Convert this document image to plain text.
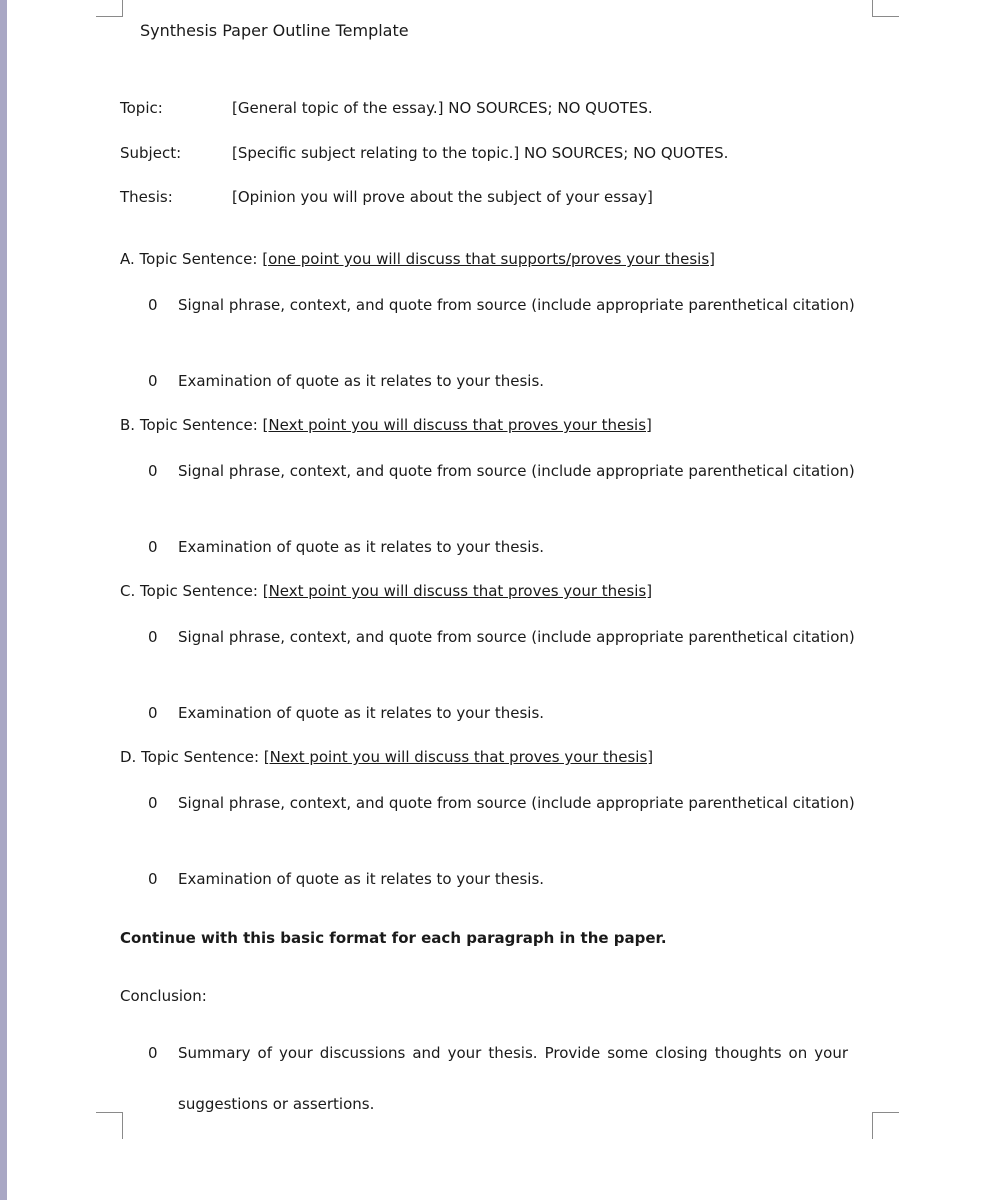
Synthesis Paper Outline Template
Topic:	[General topic of the essay.] NO SOURCES; NO QUOTES.
Subject:	[Specific subject relating to the topic.] NO SOURCES; NO QUOTES.
Thesis:	[Opinion you will prove about the subject of your essay]
A. Topic Sentence: [one point you will discuss that supports/proves your thesis]
0 Signal phrase, context, and quote from source (include appropriate parenthetical citation)
0 Examination of quote as it relates to your thesis.
B. Topic Sentence: [Next point you will discuss that proves your thesis]
0 Signal phrase, context, and quote from source (include appropriate parenthetical citation)
0 Examination of quote as it relates to your thesis.
C. Topic Sentence: [Next point you will discuss that proves your thesis]
0 Signal phrase, context, and quote from source (include appropriate parenthetical citation)
0 Examination of quote as it relates to your thesis.
D. Topic Sentence: [Next point you will discuss that proves your thesis]
0 Signal phrase, context, and quote from source (include appropriate parenthetical citation)
0 Examination of quote as it relates to your thesis.
Continue with this basic format for each paragraph in the paper.
Conclusion:
0 Summary of your discussions and your thesis. Provide some closing thoughts on your suggestions or assertions.
